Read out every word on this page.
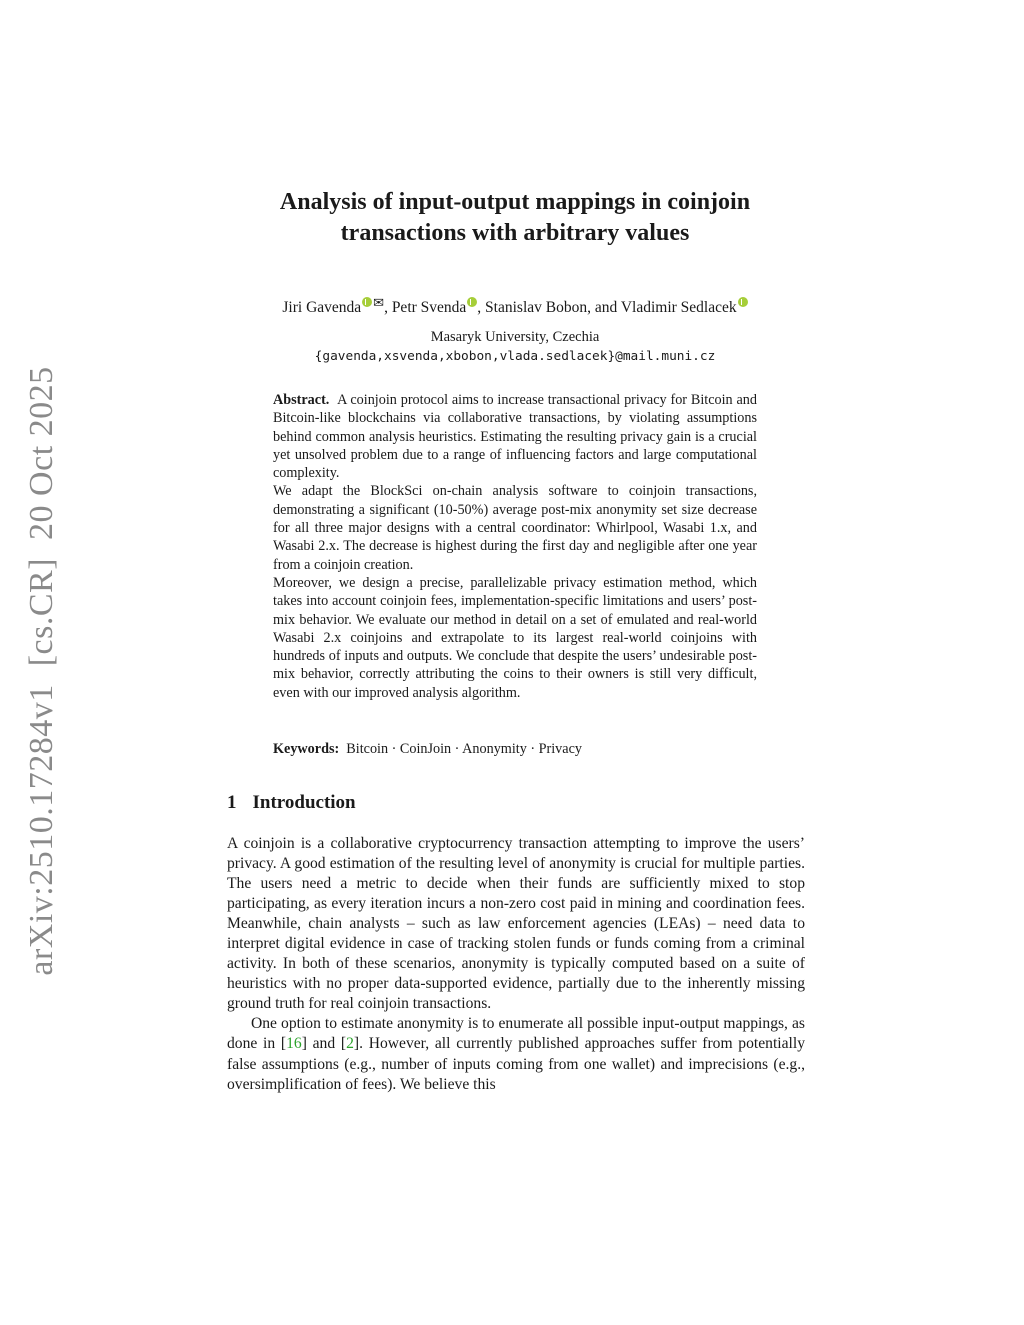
arXiv:2510.17284v1[cs.CR]20 Oct 2025
Analysis of input-output mappings in coinjoin
transactions with arbitrary values
Jiri Gavenda ✉, Petr Svenda , Stanislav Bobon, and Vladimir Sedlacek
Masaryk University, Czechia
{gavenda,xsvenda,xbobon,vlada.sedlacek}@mail.muni.cz

Abstract. A coinjoin protocol aims to increase transactional privacy for Bitcoin and Bitcoin-like blockchains via collaborative transactions, by violating assumptions behind common analysis heuristics. Estimating the resulting privacy gain is a crucial yet unsolved problem due to a range of influencing factors and large computational complexity.

We adapt the BlockSci on-chain analysis software to coinjoin transactions, demonstrating a significant (10-50%) average post-mix anonymity set size decrease for all three major designs with a central coordinator: Whirlpool, Wasabi 1.x, and Wasabi 2.x. The decrease is highest during the first day and negligible after one year from a coinjoin creation.

Moreover, we design a precise, parallelizable privacy estimation method, which takes into account coinjoin fees, implementation-specific limitations and users’ post-mix behavior. We evaluate our method in detail on a set of emulated and real-world Wasabi 2.x coinjoins and extrapolate to its largest real-world coinjoins with hundreds of inputs and outputs. We conclude that despite the users’ undesirable post-mix behavior, correctly attributing the coins to their owners is still very difficult, even with our improved analysis algorithm.

Keywords: Bitcoin · CoinJoin · Anonymity · Privacy
1 Introduction

A coinjoin is a collaborative cryptocurrency transaction attempting to improve the users’ privacy. A good estimation of the resulting level of anonymity is crucial for multiple parties. The users need a metric to decide when their funds are sufficiently mixed to stop participating, as every iteration incurs a non-zero cost paid in mining and coordination fees. Meanwhile, chain analysts – such as law enforcement agencies (LEAs) – need data to interpret digital evidence in case of tracking stolen funds or funds coming from a criminal activity. In both of these scenarios, anonymity is typically computed based on a suite of heuristics with no proper data-supported evidence, partially due to the inherently missing ground truth for real coinjoin transactions.

One option to estimate anonymity is to enumerate all possible input-output mappings, as done in [16] and [2]. However, all currently published approaches suffer from potentially false assumptions (e.g., number of inputs coming from one wallet) and imprecisions (e.g., oversimplification of fees). We believe this
